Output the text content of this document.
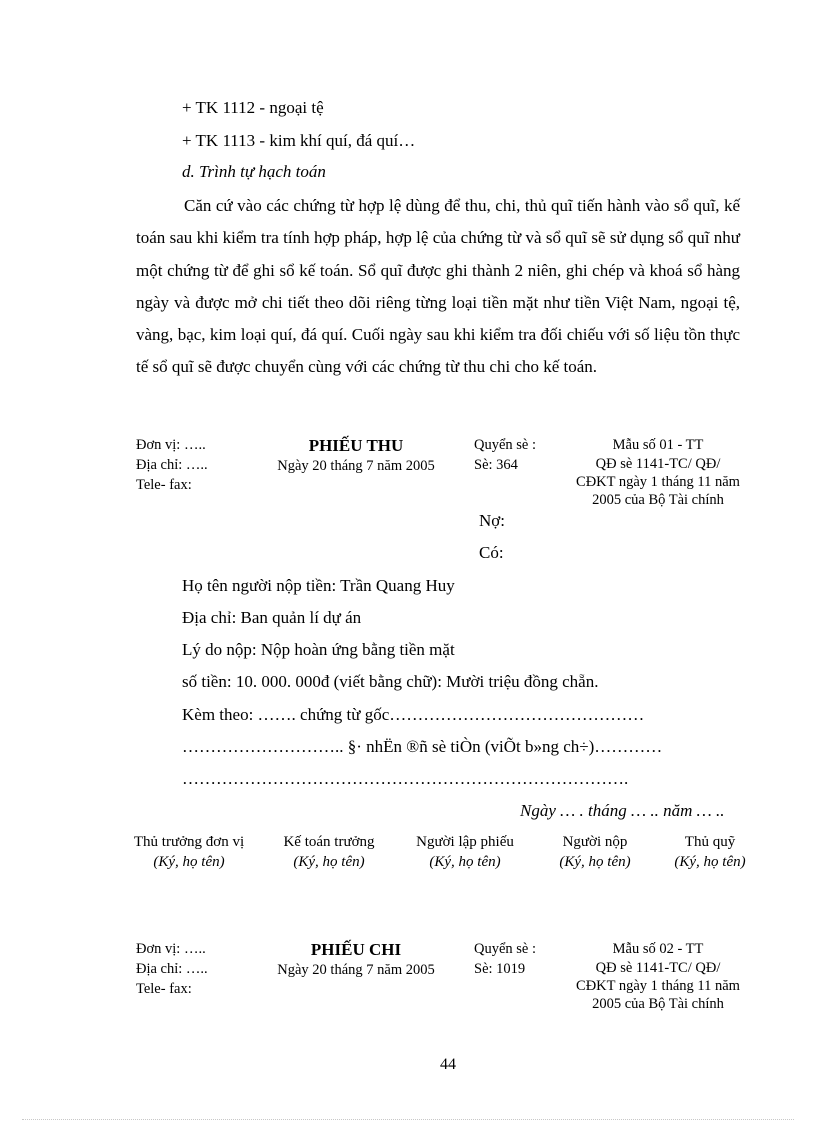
+ TK 1112 - ngoại tệ
+ TK 1113 - kim khí quí, đá quí…
d. Trình tự hạch toán
Căn cứ vào các chứng từ hợp lệ dùng để thu, chi, thủ quĩ tiến hành vào sổ quĩ, kế toán sau khi kiểm tra tính hợp pháp, hợp lệ của chứng từ và sổ quĩ sẽ sử dụng sổ quĩ như một chứng từ để ghi sổ kế toán. Sổ quĩ được ghi thành 2 niên, ghi chép và khoá sổ hàng ngày và được mở chi tiết theo dõi riêng từng loại tiền mặt như tiền Việt Nam, ngoại tệ, vàng, bạc, kim loại quí, đá quí. Cuối ngày sau khi kiểm tra đối chiếu với số liệu tồn thực tế sổ quĩ sẽ được chuyển cùng với các chứng từ thu chi cho kế toán.
Đơn vị: …..
Địa chỉ: …..
Tele- fax:
PHIẾU THU
Ngày 20 tháng 7 năm 2005
Quyển sè :
Sè: 364
Mẫu số 01 - TT
QĐ sè 1141-TC/ QĐ/
CĐKT ngày 1 tháng 11 năm
2005 của Bộ Tài chính
Nợ:
Có:
Họ tên người nộp tiền: Trần Quang Huy
Địa chỉ: Ban quản lí dự án
Lý do nộp: Nộp hoàn ứng bằng tiền mặt
số tiền: 10. 000. 000đ (viết bằng chữ): Mười triệu đồng chẵn.
Kèm theo: ……. chứng từ gốc………………………………………
……………………….. §· nhËn ®ñ sè tiÒn (viÕt b»ng ch÷)…………
…………………………………………………………………….
Ngày … . tháng … .. năm … ..
Thủ trưởng đơn vị
(Ký, họ tên)
Kế toán trưởng
(Ký, họ tên)
Người lập phiếu
(Ký, họ tên)
Người nộp
(Ký, họ tên)
Thủ quỹ
(Ký, họ tên)
Đơn vị: …..
Địa chỉ: …..
Tele- fax:
PHIẾU CHI
Ngày 20 tháng 7 năm 2005
Quyển sè :
Sè: 1019
Mẫu số 02 - TT
QĐ sè 1141-TC/ QĐ/
CĐKT ngày 1 tháng 11 năm
2005 của Bộ Tài chính
44
